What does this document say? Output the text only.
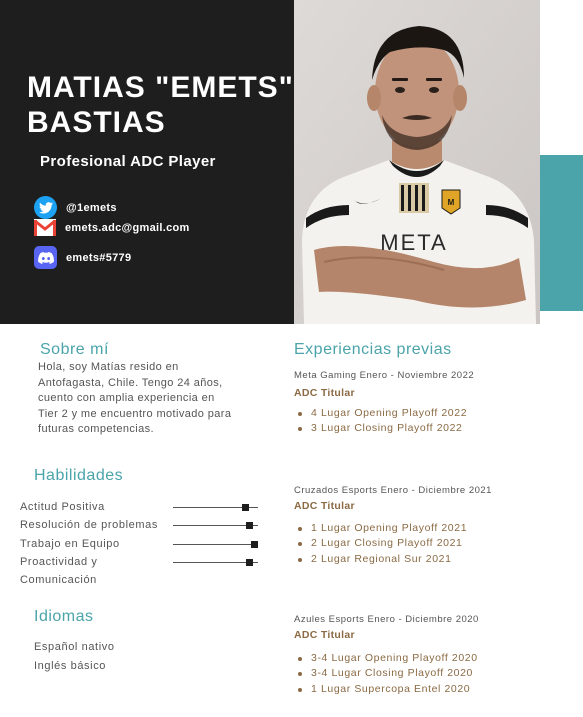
META
M
MATIAS "EMETS"
BASTIAS
Profesional ADC Player
@1emets
emets.adc@gmail.com
emets#5779
Sobre mí
Hola, soy Matías resido en
Antofagasta, Chile. Tengo 24 años,
cuento con amplia experiencia en
Tier 2 y me encuentro motivado para
futuras competencias.
Habilidades
Actitud Positiva
Resolución de problemas
Trabajo en Equipo
Proactividad y
Comunicación
Idiomas
Español nativo
Inglés básico
Experiencias previas
Meta Gaming Enero - Noviembre 2022
ADC Titular
4 Lugar Opening Playoff 2022
3 Lugar Closing Playoff 2022
Cruzados Esports Enero - Diciembre 2021
ADC Titular
1 Lugar Opening Playoff 2021
2 Lugar Closing Playoff 2021
2 Lugar Regional Sur 2021
Azules Esports Enero - Diciembre 2020
ADC Titular
3-4 Lugar Opening Playoff 2020
3-4 Lugar Closing Playoff 2020
1 Lugar Supercopa Entel 2020
